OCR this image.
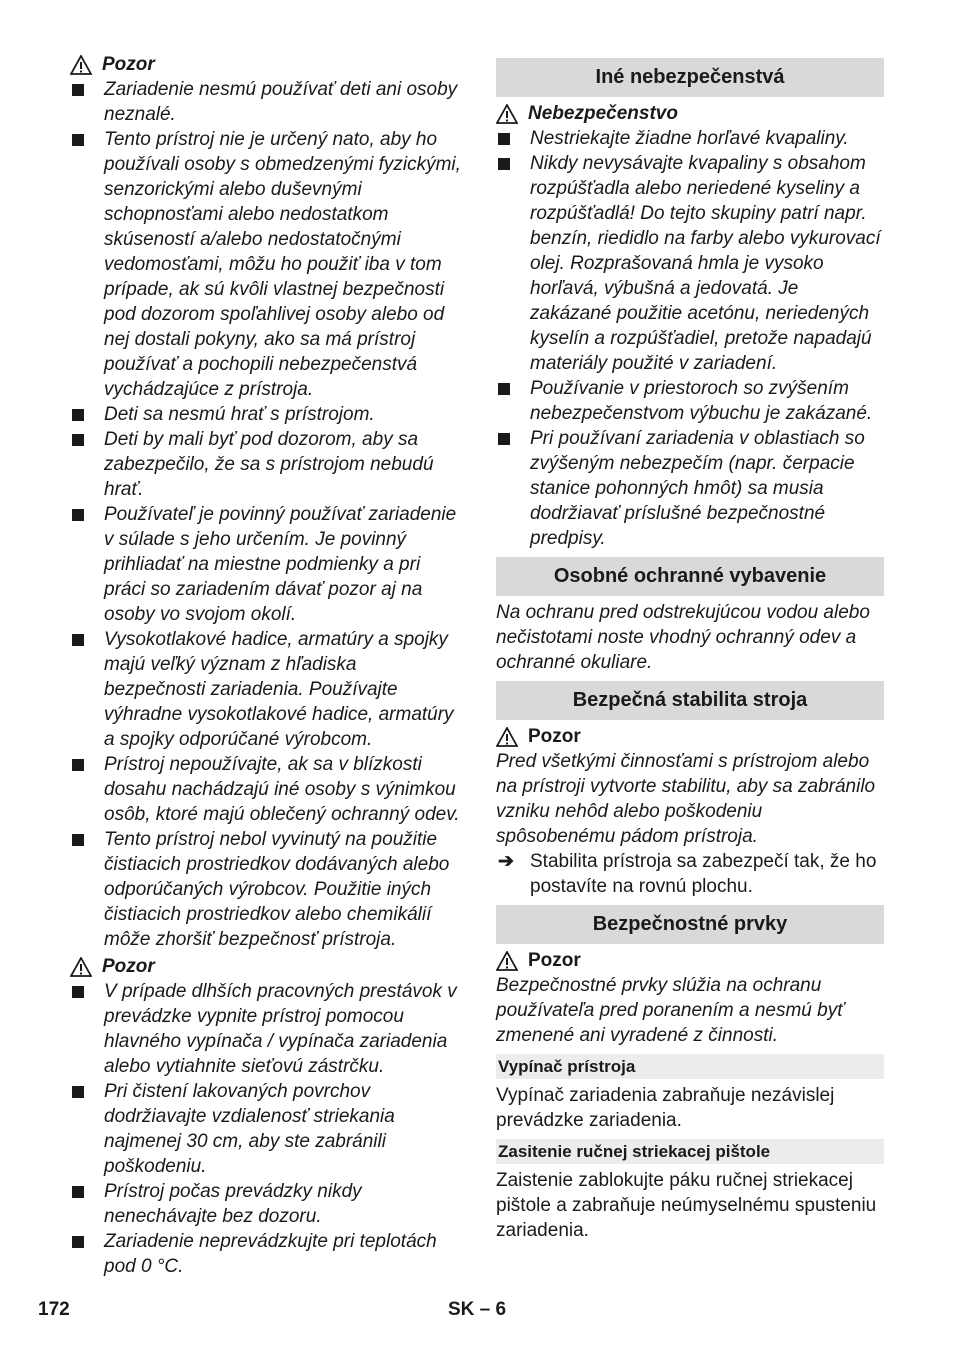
Pozor
Zariadenie nesmú používať deti ani osoby neznalé.
Tento prístroj nie je určený nato, aby ho používali osoby s obmedzenými fyzickými, senzorickými alebo duševnými schopnosťami alebo nedostatkom skúseností a/alebo nedostatočnými vedomosťami, môžu ho použiť iba v tom prípade, ak sú kvôli vlastnej bezpečnosti pod dozorom spoľahlivej osoby alebo od nej dostali pokyny, ako sa má prístroj používať a pochopili nebezpečenstvá vychádzajúce z prístroja.
Deti sa nesmú hrať s prístrojom.
Deti by mali byť pod dozorom, aby sa zabezpečilo, že sa s prístrojom nebudú hrať.
Používateľ je povinný používať zariadenie v súlade s jeho určením. Je povinný prihliadať na miestne podmienky a pri práci so zariadením dávať pozor aj na osoby vo svojom okolí.
Vysokotlakové hadice, armatúry a spojky majú veľký význam z hľadiska bezpečnosti zariadenia. Používajte výhradne vysokotlakové hadice, armatúry a spojky odporúčané výrobcom.
Prístroj nepoužívajte, ak sa v blízkosti dosahu nachádzajú iné osoby s výnimkou osôb, ktoré majú oblečený ochranný odev.
Tento prístroj nebol vyvinutý na použitie čistiacich prostriedkov dodávaných alebo odporúčaných výrobcov. Použitie iných čistiacich prostriedkov alebo chemikálií môže zhoršiť bezpečnosť prístroja.
Pozor
V prípade dlhších pracovných prestávok v prevádzke vypnite prístroj pomocou hlavného vypínača / vypínača zariadenia alebo vytiahnite sieťovú zástrčku.
Pri čistení lakovaných povrchov dodržiavajte vzdialenosť striekania najmenej 30 cm, aby ste zabránili poškodeniu.
Prístroj počas prevádzky nikdy nenechávajte bez dozoru.
Zariadenie neprevádzkujte pri teplotách pod 0 °C.
Iné nebezpečenstvá
Nebezpečenstvo
Nestriekajte žiadne horľavé kvapaliny.
Nikdy nevysávajte kvapaliny s obsahom rozpúšťadla alebo neriedené kyseliny a rozpúšťadlá! Do tejto skupiny patrí napr. benzín, riedidlo na farby alebo vykurovací olej. Rozprašovaná hmla je vysoko horľavá, výbušná a jedovatá. Je zakázané použitie acetónu, neriedených kyselín a rozpúšťadiel, pretože napadajú materiály použité v zariadení.
Používanie v priestoroch so zvýšením nebezpečenstvom výbuchu je zakázané.
Pri používaní zariadenia v oblastiach so zvýšeným nebezpečím (napr. čerpacie stanice pohonných hmôt) sa musia dodržiavať príslušné bezpečnostné predpisy.
Osobné ochranné vybavenie
Na ochranu pred odstrekujúcou vodou alebo nečistotami noste vhodný ochranný odev a ochranné okuliare.
Bezpečná stabilita stroja
Pozor
Pred všetkými činnosťami s prístrojom alebo na prístroji vytvorte stabilitu, aby sa zabránilo vzniku nehôd alebo poškodeniu spôsobenému pádom prístroja.
➔ Stabilita prístroja sa zabezpečí tak, že ho postavíte na rovnú plochu.
Bezpečnostné prvky
Pozor
Bezpečnostné prvky slúžia na ochranu používateľa pred poranením a nesmú byť zmenené ani vyradené z činnosti.
Vypínač prístroja
Vypínač zariadenia zabraňuje nezávislej prevádzke zariadenia.
Zasitenie ručnej striekacej pištole
Zaistenie zablokujte páku ručnej striekacej pištole a zabraňuje neúmyselnému spusteniu zariadenia.
172	SK – 6
